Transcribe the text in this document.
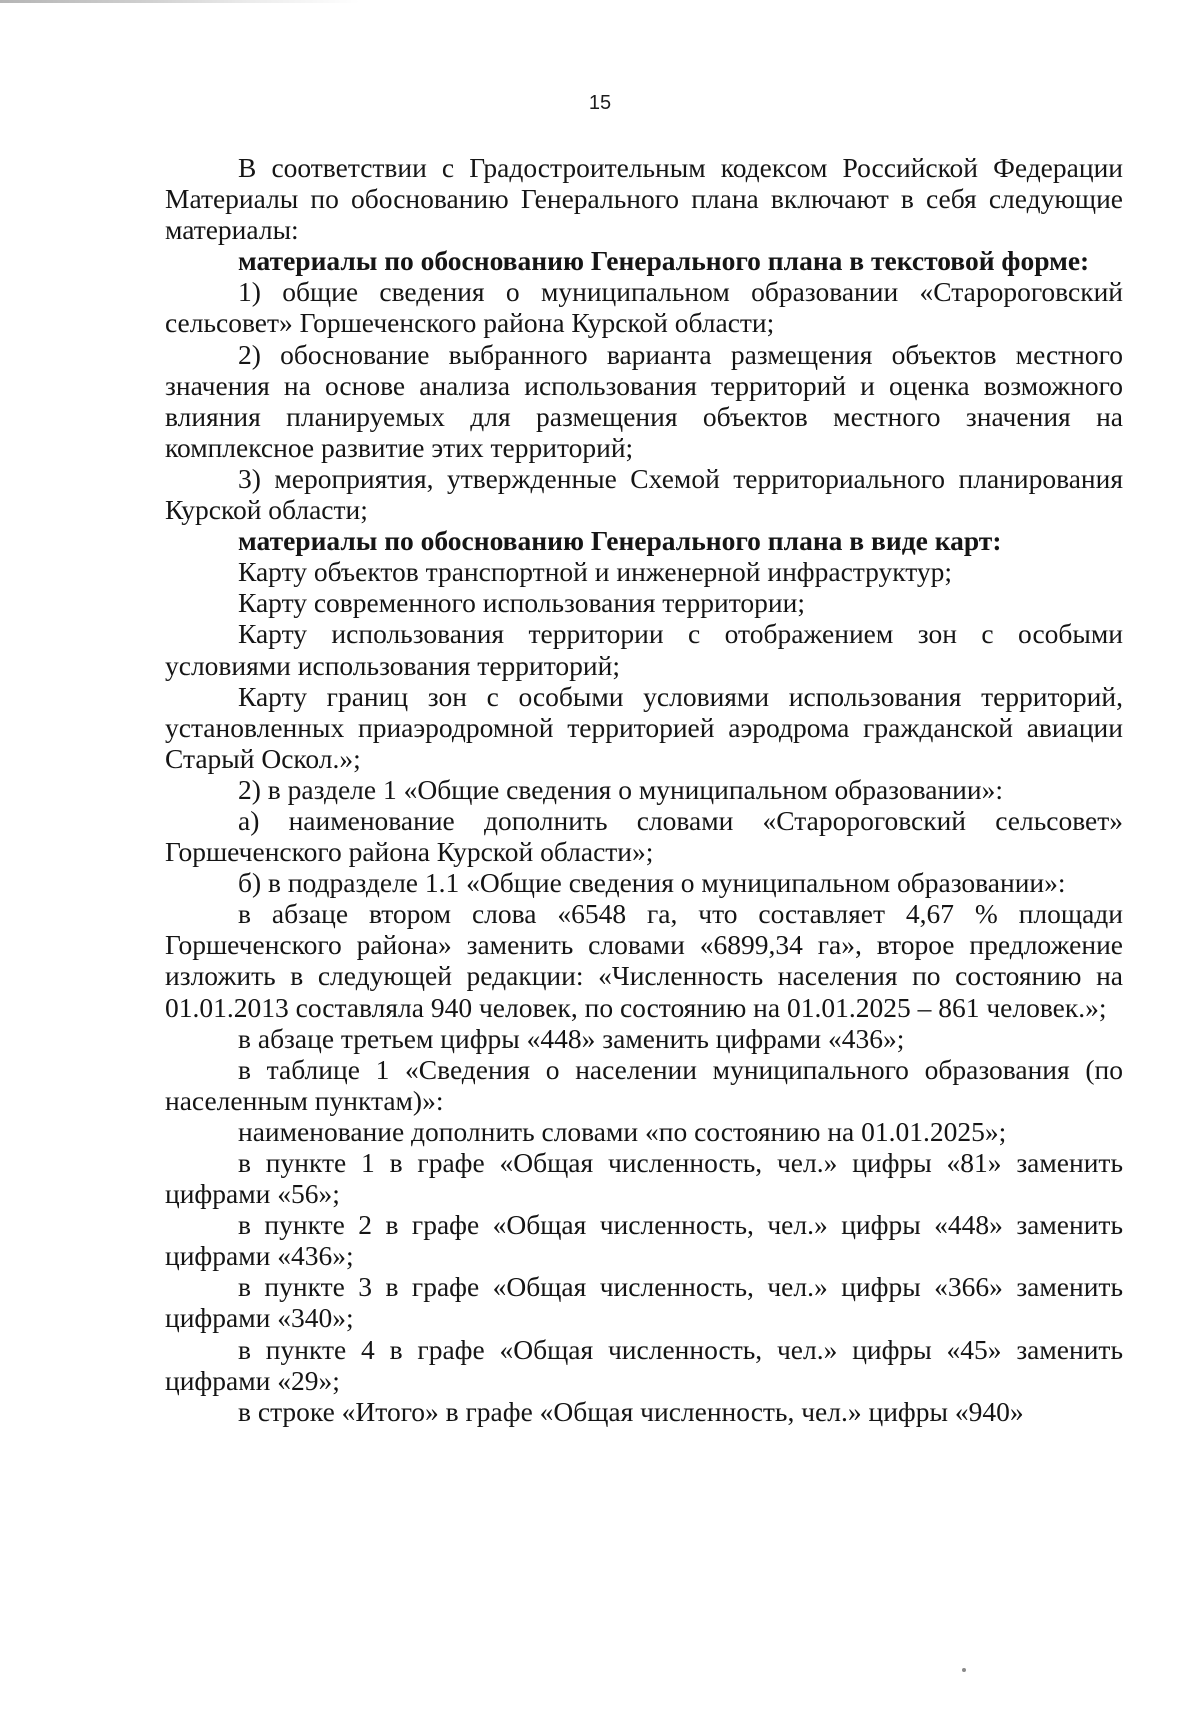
15

В соответствии с Градостроительным кодексом Российской Федерации Материалы по обоснованию Генерального плана включают в себя следующие материалы:

материалы по обоснованию Генерального плана в текстовой форме:

1) общие сведения о муниципальном образовании «Старороговский сельсовет» Горшеченского района Курской области;

2) обоснование выбранного варианта размещения объектов местного значения на основе анализа использования территорий и оценка возможного влияния планируемых для размещения объектов местного значения на комплексное развитие этих территорий;

3) мероприятия, утвержденные Схемой территориального планирования Курской области;

материалы по обоснованию Генерального плана в виде карт:

Карту объектов транспортной и инженерной инфраструктур;

Карту современного использования территории;

Карту использования территории с отображением зон с особыми условиями использования территорий;

Карту границ зон с особыми условиями использования территорий, установленных приаэродромной территорией аэродрома гражданской авиации Старый Оскол.»;

2) в разделе 1 «Общие сведения о муниципальном образовании»:

а) наименование дополнить словами «Старороговский сельсовет» Горшеченского района Курской области»;

б) в подразделе 1.1 «Общие сведения о муниципальном образовании»:

в абзаце втором слова «6548 га, что составляет 4,67 % площади Горшеченского района» заменить словами «6899,34 га», второе предложение изложить в следующей редакции: «Численность населения по состоянию на 01.01.2013 составляла 940 человек, по состоянию на 01.01.2025 – 861 человек.»;

в абзаце третьем цифры «448» заменить цифрами «436»;

в таблице 1 «Сведения о населении муниципального образования (по населенным пунктам)»:

наименование дополнить словами «по состоянию на 01.01.2025»;

в пункте 1 в графе «Общая численность, чел.» цифры «81» заменить цифрами «56»;

в пункте 2 в графе «Общая численность, чел.» цифры «448» заменить цифрами «436»;

в пункте 3 в графе «Общая численность, чел.» цифры «366» заменить цифрами «340»;

в пункте 4 в графе «Общая численность, чел.» цифры «45» заменить цифрами «29»;

в строке «Итого» в графе «Общая численность, чел.» цифры «940»
